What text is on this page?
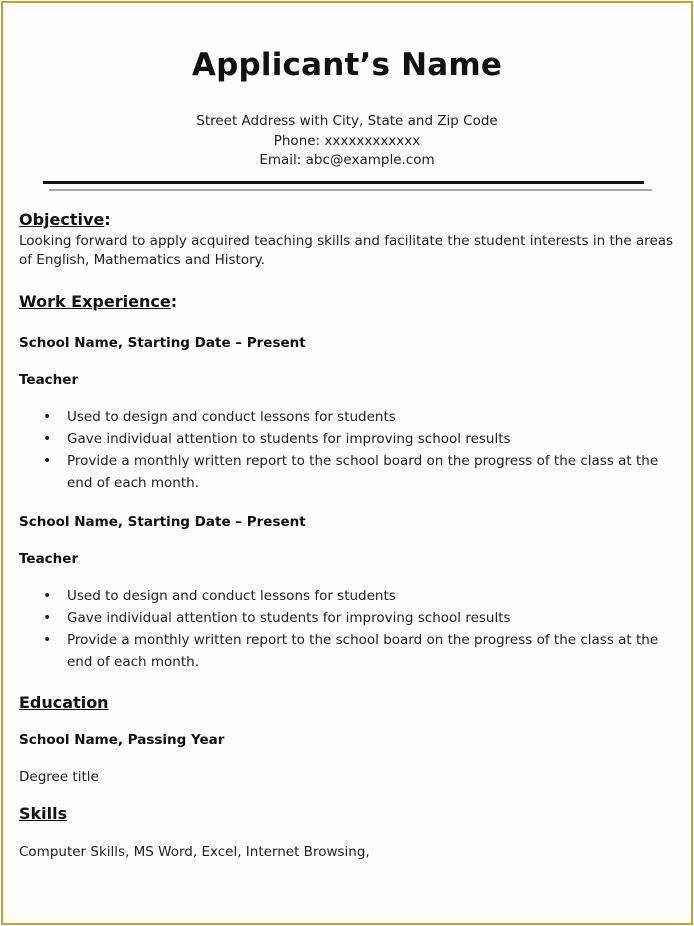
Applicant’s Name
Street Address with City, State and Zip Code
Phone: xxxxxxxxxxxx
Email: abc@example.com
Objective:
Looking forward to apply acquired teaching skills and facilitate the student interests in the areas of English, Mathematics and History.
Work Experience:
School Name, Starting Date – Present
Teacher
• Used to design and conduct lessons for students
• Gave individual attention to students for improving school results
• Provide a monthly written report to the school board on the progress of the class at the end of each month.
School Name, Starting Date – Present
Teacher
• Used to design and conduct lessons for students
• Gave individual attention to students for improving school results
• Provide a monthly written report to the school board on the progress of the class at the end of each month.
Education
School Name, Passing Year
Degree title
Skills
Computer Skills, MS Word, Excel, Internet Browsing,
